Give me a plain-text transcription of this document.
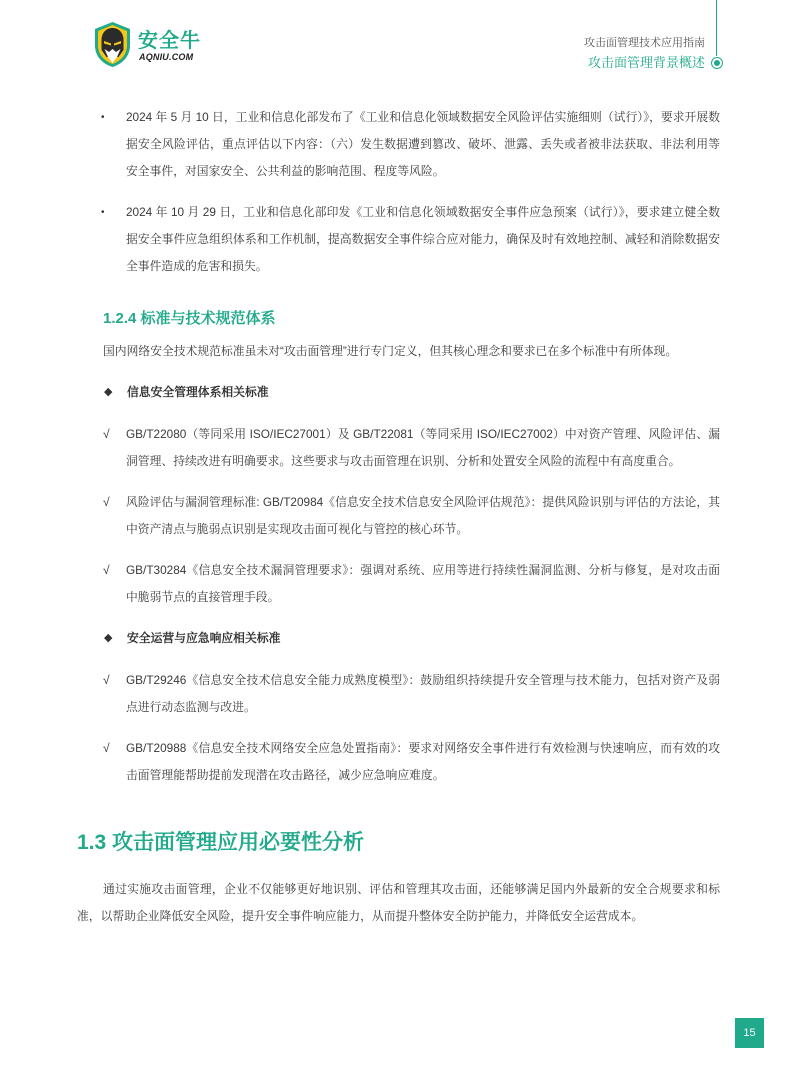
安全牛
AQNIU.COM
攻击面管理技术应用指南
攻击面管理背景概述
• 2024 年 5 月 10 日，工业和信息化部发布了《工业和信息化领域数据安全风险评估实施细则（试行）》，要求开展数据安全风险评估，重点评估以下内容：（六）发生数据遭到篡改、破坏、泄露、丢失或者被非法获取、非法利用等安全事件，对国家安全、公共利益的影响范围、程度等风险。

• 2024 年 10 月 29 日，工业和信息化部印发《工业和信息化领域数据安全事件应急预案（试行）》，要求建立健全数据安全事件应急组织体系和工作机制，提高数据安全事件综合应对能力，确保及时有效地控制、减轻和消除数据安全事件造成的危害和损失。

1.2.4 标准与技术规范体系

国内网络安全技术规范标准虽未对“攻击面管理”进行专门定义，但其核心理念和要求已在多个标准中有所体现。

◆ 信息安全管理体系相关标准
√ GB/T22080（等同采用 ISO/IEC27001）及 GB/T22081（等同采用 ISO/IEC27002）中对资产管理、风险评估、漏洞管理、持续改进有明确要求。这些要求与攻击面管理在识别、分析和处置安全风险的流程中有高度重合。

√ 风险评估与漏洞管理标准: GB/T20984《信息安全技术信息安全风险评估规范》：提供风险识别与评估的方法论，其中资产清点与脆弱点识别是实现攻击面可视化与管控的核心环节。

√ GB/T30284《信息安全技术漏洞管理要求》：强调对系统、应用等进行持续性漏洞监测、分析与修复，是对攻击面中脆弱节点的直接管理手段。

◆ 安全运营与应急响应相关标准
√ GB/T29246《信息安全技术信息安全能力成熟度模型》：鼓励组织持续提升安全管理与技术能力，包括对资产及弱点进行动态监测与改进。

√ GB/T20988《信息安全技术网络安全应急处置指南》：要求对网络安全事件进行有效检测与快速响应，而有效的攻击面管理能帮助提前发现潜在攻击路径，减少应急响应难度。

1.3 攻击面管理应用必要性分析

通过实施攻击面管理，企业不仅能够更好地识别、评估和管理其攻击面，还能够满足国内外最新的安全合规要求和标准，以帮助企业降低安全风险，提升安全事件响应能力，从而提升整体安全防护能力，并降低安全运营成本。

15
